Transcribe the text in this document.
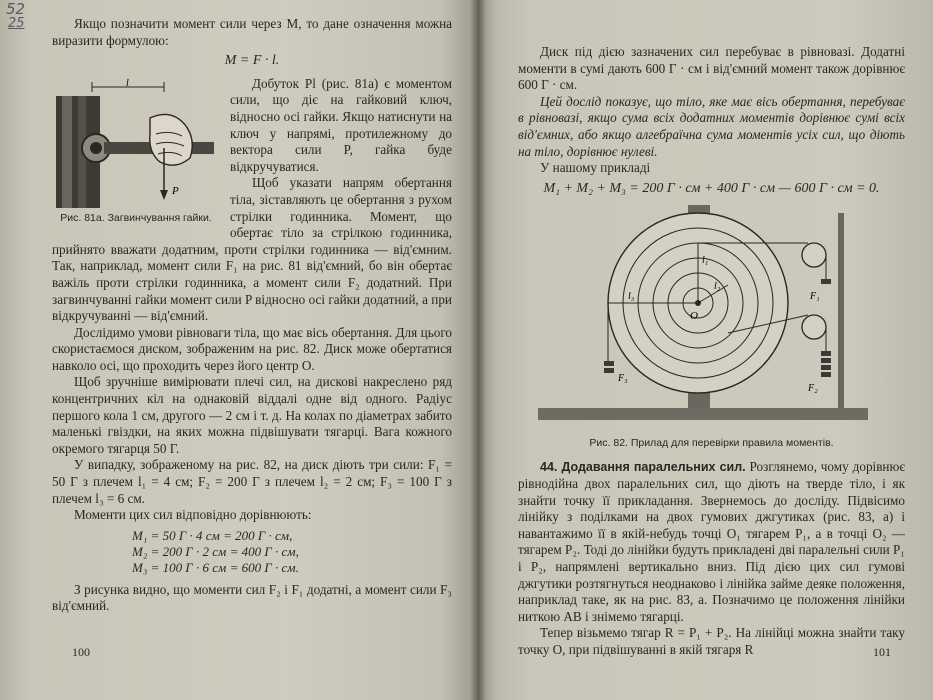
Якщо позначити момент сили через M, то дане означення можна виразити формулою:

M = F · l.

l
P
Рис. 81а. Загвинчування гайки.

Добуток Pl (рис. 81а) є моментом сили, що діє на гайковий ключ, відносно осі гайки. Якщо натиснути на ключ у напрямі, протилежному до вектора сили P, гайка буде відкручуватися.

Щоб указати напрям обертання тіла, зіставляють це обертання з рухом стрілки годинника. Момент, що обертає тіло за стрілкою годинника, прийнято вважати додатним, проти стрілки годинника — від'ємним. Так, наприклад, момент сили F₁ на рис. 81 від'ємний, бо він обертає важіль проти стрілки годинника, а момент сили F₂ додатний. При загвинчуванні гайки момент сили P відносно осі гайки додатний, а при відкручуванні — від'ємний.

Дослідимо умови рівноваги тіла, що має вісь обертання. Для цього скористаємося диском, зображеним на рис. 82. Диск може обертатися навколо осі, що проходить через його центр O.

Щоб зручніше вимірювати плечі сил, на дискові накреслено ряд концентричних кіл на однаковій віддалі одне від одного. Радіус першого кола 1 см, другого — 2 см і т. д. На колах по діаметрах забито маленькі гвіздки, на яких можна підвішувати тягарці. Вага кожного окремого тягарця 50 Г.

У випадку, зображеному на рис. 82, на диск діють три сили: F₁ = 50 Г з плечем l₁ = 4 см; F₂ = 200 Г з плечем l₂ = 2 см; F₃ = 100 Г з плечем l₃ = 6 см.

Моменти цих сил відповідно дорівнюють:

M₁ = 50 Г · 4 см = 200 Г · см,
M₂ = 200 Г · 2 см = 400 Г · см,
M₃ = 100 Г · 6 см = 600 Г · см.

З рисунка видно, що моменти сил F₂ і F₁ додатні, а момент сили F₃ від'ємний.

100

Диск під дією зазначених сил перебуває в рівновазі. Додатні моменти в сумі дають 600 Г · см і від'ємний момент також дорівнює 600 Г · см.

Цей дослід показує, що тіло, яке має вісь обертання, перебуває в рівновазі, якщо сума всіх додатних моментів дорівнює сумі всіх від'ємних, або якщо алгебраїчна сума моментів усіх сил, що діють на тіло, дорівнює нулеві.

У нашому прикладі

M₁ + M₂ + M₃ = 200 Г · см + 400 Г · см — 600 Г · см = 0.

l₁
l₂
l₃
O
F₁
F₂
F₃
Рис. 82. Прилад для перевірки правила моментів.

44. Додавання паралельних сил. Розглянемо, чому дорівнює рівнодійна двох паралельних сил, що діють на тверде тіло, і як знайти точку її прикладання. Звернемось до досліду. Підвісимо лінійку з поділками на двох гумових джгутиках (рис. 83, а) і навантажимо її в якій-небудь точці O₁ тягарем P₁, а в точці O₂ — тягарем P₂. Тоді до лінійки будуть прикладені дві паралельні сили P₁ і P₂, напрямлені вертикально вниз. Під дією цих сил гумові джгутики розтягнуться неоднаково і лінійка займе деяке положення, наприклад таке, як на рис. 83, а. Позначимо це положення лінійки ниткою AB і знімемо тягарці.

Тепер візьмемо тягар R = P₁ + P₂. На лінійці можна знайти таку точку O, при підвішуванні в якій тягаря R	101
52
25
